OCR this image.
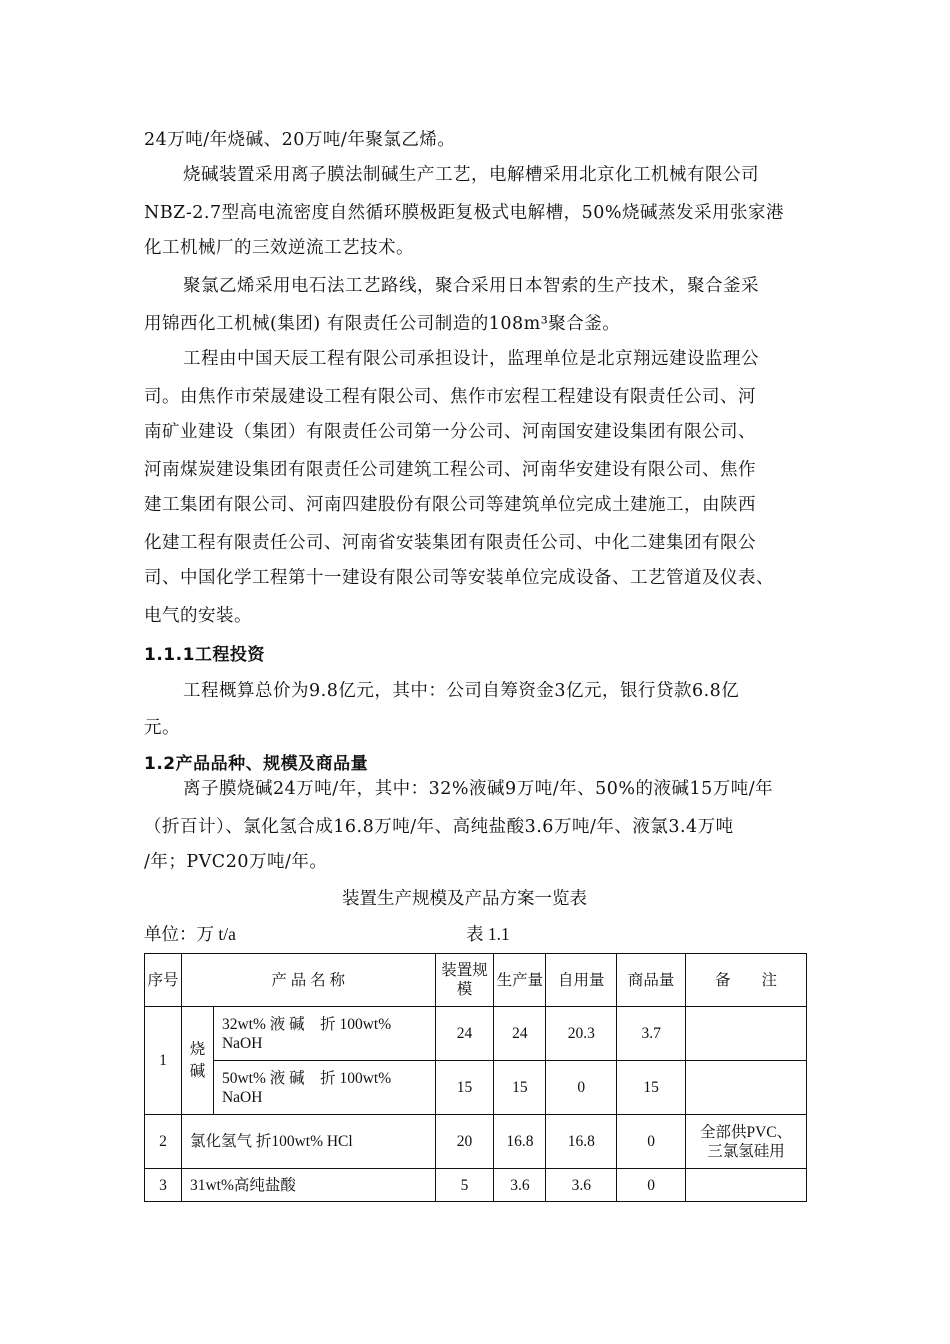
24万吨/年烧碱、20万吨/年聚氯乙烯。
烧碱装置采用离子膜法制碱生产工艺，电解槽采用北京化工机械有限公司
NBZ-2.7型高电流密度自然循环膜极距复极式电解槽，50%烧碱蒸发采用张家港
化工机械厂的三效逆流工艺技术。
聚氯乙烯采用电石法工艺路线，聚合采用日本智索的生产技术，聚合釜采
用锦西化工机械(集团) 有限责任公司制造的108m³聚合釜。
工程由中国天辰工程有限公司承担设计，监理单位是北京翔远建设监理公
司。由焦作市荣晟建设工程有限公司、焦作市宏程工程建设有限责任公司、河
南矿业建设（集团）有限责任公司第一分公司、河南国安建设集团有限公司、
河南煤炭建设集团有限责任公司建筑工程公司、河南华安建设有限公司、焦作
建工集团有限公司、河南四建股份有限公司等建筑单位完成土建施工，由陕西
化建工程有限责任公司、河南省安装集团有限责任公司、中化二建集团有限公
司、中国化学工程第十一建设有限公司等安装单位完成设备、工艺管道及仪表、
电气的安装。
1.1.1工程投资
工程概算总价为9.8亿元，其中：公司自筹资金3亿元，银行贷款6.8亿
元。
1.2产品品种、规模及商品量
离子膜烧碱24万吨/年，其中：32%液碱9万吨/年、50%的液碱15万吨/年
（折百计）、氯化氢合成16.8万吨/年、高纯盐酸3.6万吨/年、液氯3.4万吨
/年；PVC20万吨/年。
装置生产规模及产品方案一览表
单位：万 t/a	表 1.1
序号	产 品 名 称		装置规模	生产量	自用量	商品量	备　　注
1	烧碱	32wt% 液 碱　折 100wt% NaOH	24	24	20.3	3.7	
		50wt% 液 碱　折 100wt% NaOH	15	15	0	15	
2	氯化氢气 折100wt% HCl		20	16.8	16.8	0	全部供PVC、三氯氢硅用
3	31wt%高纯盐酸		5	3.6	3.6	0	
